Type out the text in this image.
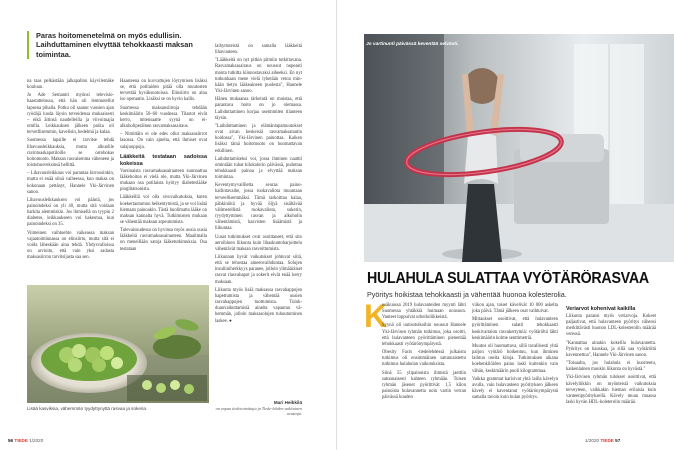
Paras hoitomenetelmä on myös edullisin. Laihduttaminen elvyttää tehokkaasti maksan toimintaa.

na taas pelkästään jalkapallon käyvilemäke kouluun.

Jo Ade Semantri myönsi televisiohaastattelussa, että hän oli lemmotellut lapsena pihalla. Potku oli saanut vuosien ajan ryödäjä luoda läysin totveidensa muksaisesti – eikä äitinsä naudelleilla ja viivoituajia omilla. Leikkauksen jälkeen poika oli tervetllisemmin, kavelisin, hedelmä ja kalaa.

Suomessa lapsille ei tarvitse tehdä lihavuusleikkauksia, mutta alkuolile ravintoaskapotiloille se ostohokas hoitomuoto. Maksan rasvaisenma väheneen ja toistuhusveksinsä hellittä.

– Lihavuusleikkaus voi parantaa kirroosinkin, mutta ei enää siinä vaiheessa, kun maksa on kokonaan pettänyt, Hannele Yki-Järvinen sanoo.

Lihavuusleikkauksen voi päästä, jos painoindeksi on yli 40, mutta sitä voidaan harkita alemmiskin. Jos ihmisellä on tyypin 2 diabetes, leikkaukseen voi hakeutua, kun painoindeksi on 35.

Viimeinen vaihtoehto vaikeassa maksan vajaatoiminnassa on elinsiirto, mutta sitä ei voida läheskään aina tehdä. Yhdysvalloissa on arvioitu, että vain yksi sadasta maksasiirron tarvitsijasta saa sen.

Haasteena on kuvvattujen löytymisen lisäksi se, että potilaiden pitää olla muutosten tervettää hyväksuntoissa. Elinsiirto on aina iso operaatio. Lisäksi se on hyvin kallis.

Suomessa maksansiirtoja tehdään keskimäärin 50–60 vuodessa. Tilastot eivät kerro, mitensaatte syynä on eialkoholiperäinen rasvamaksasairaus.

– Nimittäin ei ole edes ollut maksansiirrot lasossa. On vain ajnelta, että ihmiset ovat salajuoppoja.

Lääkkeitä testataan sadoissa kokeissa

Varsinaista rasvamaksasairauteen suunnattua lääkehoitoa ei vielä ole, mutta Yki-Järvinen mukaan osa potilaista hyötyy diabeteslääke pioglitatsonista.

Lääkkeillä voi olla sivuvaikutuksia, kuten koekertautumon heikentymistä, ja se voi lisätä hiemaan painoakin. Tästä huolimatta lääke on maksan kannalta hyvä. Tutkimusten mukaan se vähentää maksan arpeutumista.

Tulevaisuudessa on hyvinsa myös uusia uusia lääkkeitä rasvamaksasairauteen. Maailmalla on meneillään satoja lääketutkimuksia. Osa testataan

laihyttoteistä on samalla lääkkeitä lihavuuteen.

"Lääkkeitä on nyt pitkin pitmiin tutkittavana. Rasvamaksasairaus on noussut nopeasti monta tutkitta kiinnostavaksi aiheeksi. En nyt tutkunhaan mene vielä lyhetään vetoa minkään tietyn lääkeaineen puolesta", Hannele Yki-Järvinen sanoo.

Hänen mukaansa tärkeintä on muistaa, että parantava hoito on jo olemassa. Laihduttaminen korjaa useimmiten tilanteen täysin.

"Laihduttaminen ja elämäntapamuutokset ovat aivan keskeisiä rasvamaksatautin hoidossa", Yki-Järvinen painottaa. Kaiken lisäksi tämä hoitomuoto on huomattavan edullinen.

Laihduttamiseksi voi, jossa ihminen naattii omintään tuhat kilokalorin päivässä, pudottaa tehokkaasti painoa ja elvyttää maksan toimintaa.

Keventymyvaillietta seuraa painohallintavaihe, jossa ruokavaliota muuntaan terveellisemmäksi. Tämä tarkoittaa kalaa, pähkinöitä ja hyvää öljyä sisältävää välimerellistä ruokavaliota, sokerin, ryydyttymmen rasvan ja alkoholin vähentämistä, kasvisten lisäämistä ja liikuntaa.

Uusat tutkimukset ovat osoittaneet, että sito aeroibinen liikunta kuin lihaskuntoharjoittelu vähentävät maksan rasvoittumista.

Liikunnan hyvät vaikutukset johtuvat siitä, että se tehostaa aineenvaihduntaa. Solujen insuliiniherkkyys paranee, jolloin ylimääräiset rasvat riasvahapot ja sokerit eivät enää kerry maksaan.

Liikunta myös lisää maksassa rasvahappojen hapettumista ja vähentää uusien rasvahappojen tuottumista. Tulokduanvaikuttamisiä aineita vapautuu vähemmän, jolloin maksasolujen tuhoutuminen laskee. ●

Lisää kasviksia, vähemmän tyydyttynyttä rasvaa ja sokeria.
Mari Heikkilä
on vapaa tiedetoimittaja ja Tiede-lehden vakituinen avustaja.
56 TIEDE 1/2020
Jo vartinunti päivässä keventää selvästi.
HULAHULA SULATTAA VYÖTÄRÖRASVAA
Pyöritys hoikistaa tehokkaasti ja vähentää huonoa kolesterolia.
K

esäkuussa 2019 hulavanteiden myynti lähti Suomessa yhtäkkiä huimaan nousuun. Vanteet loppuivat urheiluliikkeistä.

Syynä oli uutisotsikoihin noussut Hannele Yki-Järvisen ryhmän tutkimus, joka osoitti, että hulavanteen pyörittäminen pienentää tehokkaasti vyötärönympärystä.

Obesity Facts -tiedelehdessä julkaistu tutkimus oli ensimmäinen satunnaistettu tutkimus hulahulan vaikutuksista.

Siinä 55 ylipainoista ihmistä jaettiin satunnaisesti kahteen ryhmään. Toisen ryhmän jäsenet pyörittivät 1,5 kilon painoista hulavannetta noin vartin verran päivässä kuuden

viikon ajan, toiset kävelivät 10 000 askelta joka päivä. Tämä jälkeen osat vaihtuivat.

Mittaukset osoittivat, että hulavanteen pyörittäminen sulatti tehokkaasti keskivartalon rasvakertymiä: vyötäröltä lähti keskimäärin kolme senttimetriä.

Muutos oli huomattava, sillä tavallisesti yhtä paljon vyötärö hoikentuu, kun ihminen laihtuu useita kiloja. Tutkimuksen aikana koehenkilöiden paino laski kuitenkin vain vähän, keskimäärin puoli kilogrammaa.

Vaikka grammat karisivat yhtä lailla kävelyn avulla, vain hulavanteen pyörityksen jälkeen kävely ei kaventanut vyötärönympärystä samalla tavoin kuin hulan pyöritys.

Veriarvot kohenivat kaikilla

Liikunta paransi myös veriarvoja. Kokeet paljastivat, että hulavanteen pyöritys vähensi merkittävästi huonon LDL-kolesterolin määrää veressä.

"Kannattaa ainakin kokeilla hulavannetta. Pyöritys on hauskaa, ja sillä saa vyötäröltä kavennettua", Hannele Yki-Järvinen sanoo.

"Toisaalta, jos hulahula ei kuorreetu, kaikenlainen muukin liikunta on hyvästä."

Yki-Järvisen ryhmän tulokset osoittivat, että kävelyliikkin on myönteisiä vaikutuksia terveyteen, vaikkakin hieman erilaisia kuin vanteenpyörityksellä. Kävely muun muassa laski hyvän HDL-koleterolin määrää.

1/2020 TIEDE 57
